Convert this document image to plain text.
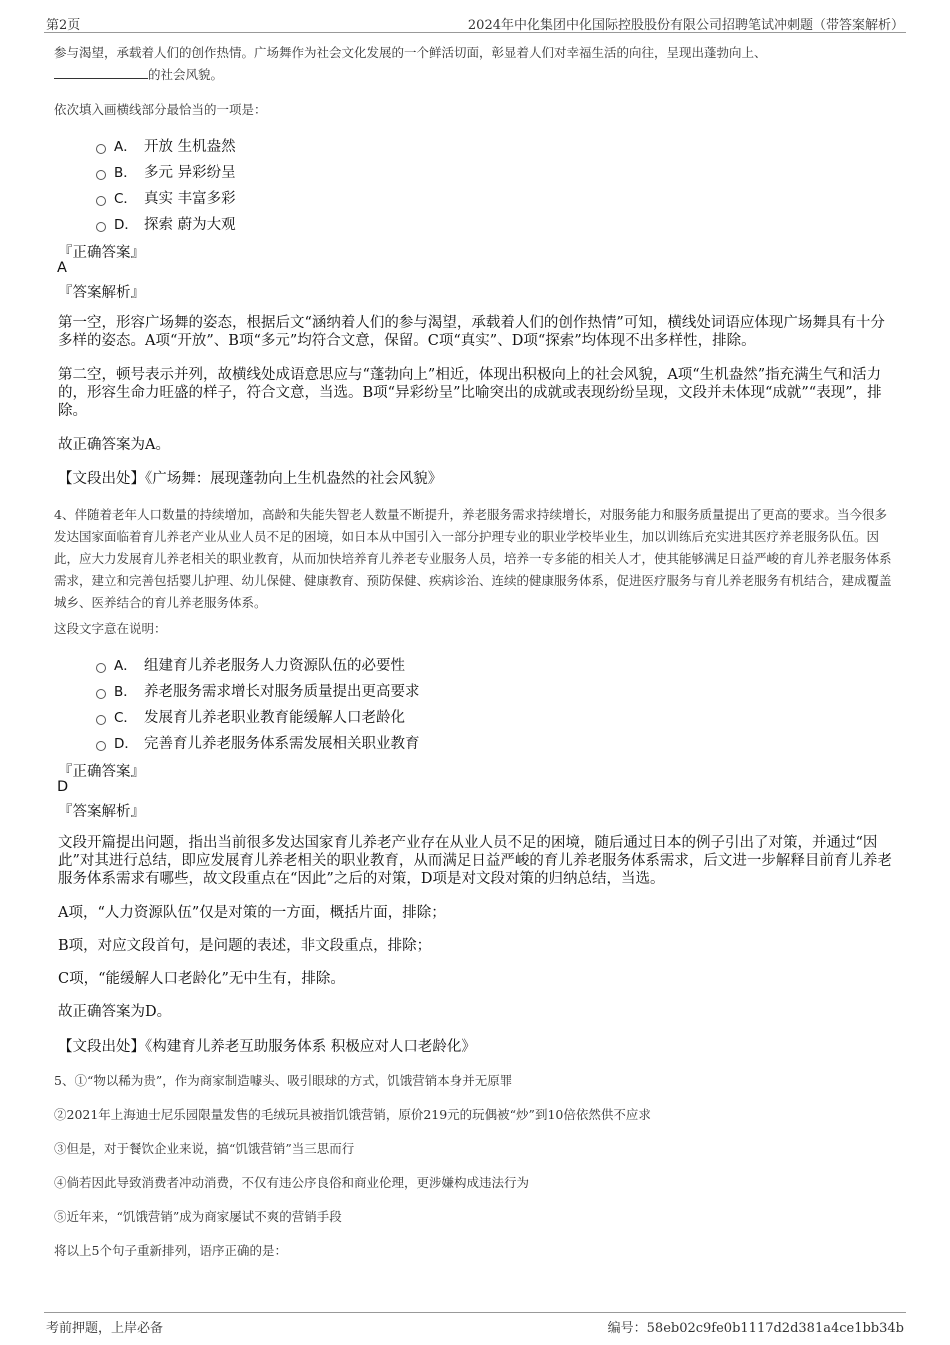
第2页	2024年中化集团中化国际控股股份有限公司招聘笔试冲刺题（带答案解析）
参与渴望，承载着人们的创作热情。广场舞作为社会文化发展的一个鲜活切面，彰显着人们对幸福生活的向往，呈现出蓬勃向上、
的社会风貌。
依次填入画横线部分最恰当的一项是：
A． 开放 生机盎然
B． 多元 异彩纷呈
C． 真实 丰富多彩
D． 探索 蔚为大观
『正确答案』
A
『答案解析』
第一空，形容广场舞的姿态，根据后文“涵纳着人们的参与渴望，承载着人们的创作热情”可知，横线处词语应体现广场舞具有十分多样的姿态。A项“开放”、B项“多元”均符合文意，保留。C项“真实”、D项“探索”均体现不出多样性，排除。
第二空，顿号表示并列，故横线处成语意思应与“蓬勃向上”相近，体现出积极向上的社会风貌，A项“生机盎然”指充满生气和活力的，形容生命力旺盛的样子，符合文意，当选。B项“异彩纷呈”比喻突出的成就或表现纷纷呈现，文段并未体现“成就”“表现”，排除。
故正确答案为A。
【文段出处】《广场舞：展现蓬勃向上生机盎然的社会风貌》
4、伴随着老年人口数量的持续增加，高龄和失能失智老人数量不断提升，养老服务需求持续增长，对服务能力和服务质量提出了更高的要求。当今很多发达国家面临着育儿养老产业从业人员不足的困境，如日本从中国引入一部分护理专业的职业学校毕业生，加以训练后充实进其医疗养老服务队伍。因此，应大力发展育儿养老相关的职业教育，从而加快培养育儿养老专业服务人员，培养一专多能的相关人才，使其能够满足日益严峻的育儿养老服务体系需求，建立和完善包括婴儿护理、幼儿保健、健康教育、预防保健、疾病诊治、连续的健康服务体系，促进医疗服务与育儿养老服务有机结合，建成覆盖城乡、医养结合的育儿养老服务体系。
这段文字意在说明：
A． 组建育儿养老服务人力资源队伍的必要性
B． 养老服务需求增长对服务质量提出更高要求
C． 发展育儿养老职业教育能缓解人口老龄化
D． 完善育儿养老服务体系需发展相关职业教育
『正确答案』
D
『答案解析』
文段开篇提出问题，指出当前很多发达国家育儿养老产业存在从业人员不足的困境，随后通过日本的例子引出了对策，并通过“因此”对其进行总结，即应发展育儿养老相关的职业教育，从而满足日益严峻的育儿养老服务体系需求，后文进一步解释目前育儿养老服务体系需求有哪些，故文段重点在“因此”之后的对策，D项是对文段对策的归纳总结，当选。
A项，“人力资源队伍”仅是对策的一方面，概括片面，排除；
B项，对应文段首句，是问题的表述，非文段重点，排除；
C项，“能缓解人口老龄化”无中生有，排除。
故正确答案为D。
【文段出处】《构建育儿养老互助服务体系 积极应对人口老龄化》
5、①“物以稀为贵”，作为商家制造噱头、吸引眼球的方式，饥饿营销本身并无原罪
②2021年上海迪士尼乐园限量发售的毛绒玩具被指饥饿营销，原价219元的玩偶被“炒”到10倍依然供不应求
③但是，对于餐饮企业来说，搞“饥饿营销”当三思而行
④倘若因此导致消费者冲动消费，不仅有违公序良俗和商业伦理，更涉嫌构成违法行为
⑤近年来，“饥饿营销”成为商家屡试不爽的营销手段
将以上5个句子重新排列，语序正确的是：
考前押题，上岸必备	编号：58eb02c9fe0b1117d2d381a4ce1bb34b
